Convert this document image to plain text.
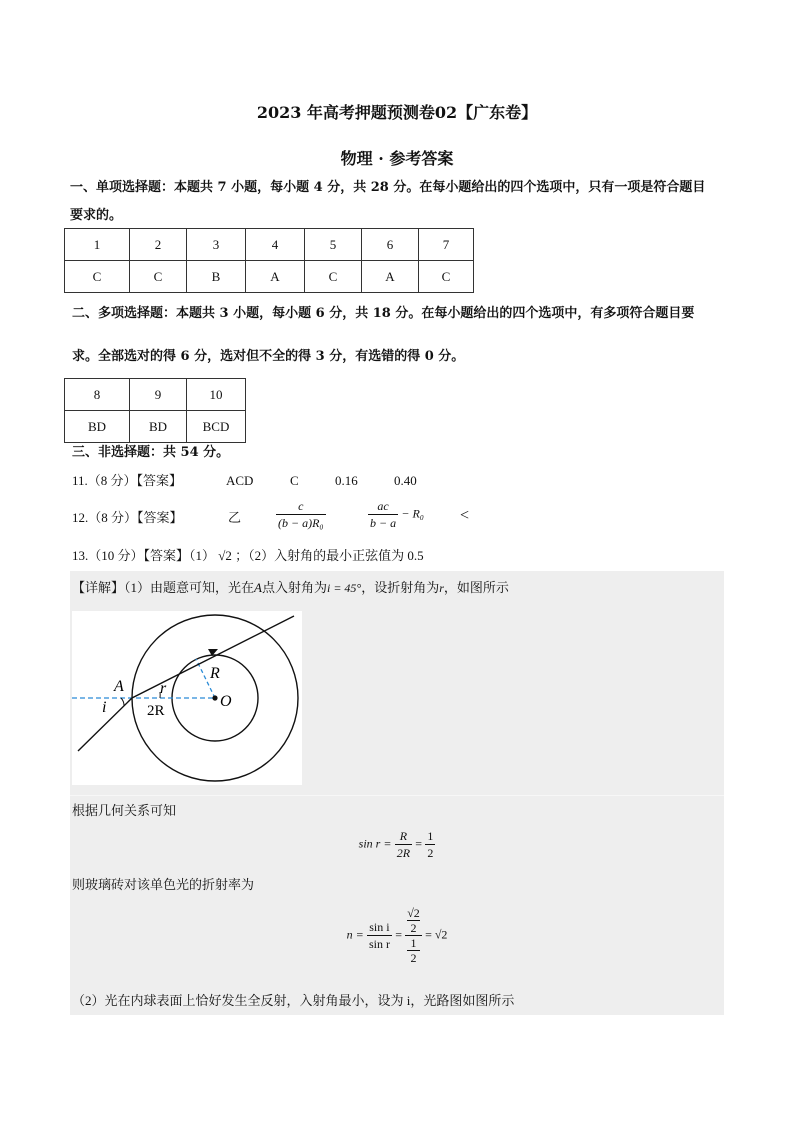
2023 年高考押题预测卷02【广东卷】
物理 · 参考答案
一、单项选择题：本题共 7 小题，每小题 4 分，共 28 分。在每小题给出的四个选项中，只有一项是符合题目
要求的。
1	2	3	4	5	6	7
C	C	B	A	C	A	C
二、多项选择题：本题共 3 小题，每小题 6 分，共 18 分。在每小题给出的四个选项中，有多项符合题目要
求。全部选对的得 6 分，选对但不全的得 3 分，有选错的得 0 分。
8	9	10
BD	BD	BCD
三、非选择题：共 54 分。
11.（8 分）【答案】	ACD	C	0.16	0.40
12.（8 分）【答案】	乙	$\frac{c}{\text{(b − a)R₀}}$	$\frac{ac}{b - a} - R_0$ <
13.（10 分）【答案】（1） √2 ；（2）入射角的最小正弦值为 0.5
【详解】（1）由题意可知，光在A点入射角为i = 45°，设折射角为r，如图所示
A r
R
O
i	2R
根据几何关系可知
$\sin r = \frac{R}{2R} = \frac{1}{2}$
则玻璃砖对该单色光的折射率为
$n = \frac{\text{sin i}}{\text{sin r}} = √2$
2
1
2 = √2
（2）光在内球表面上恰好发生全反射，入射角最小，设为 i，光路图如图所示
